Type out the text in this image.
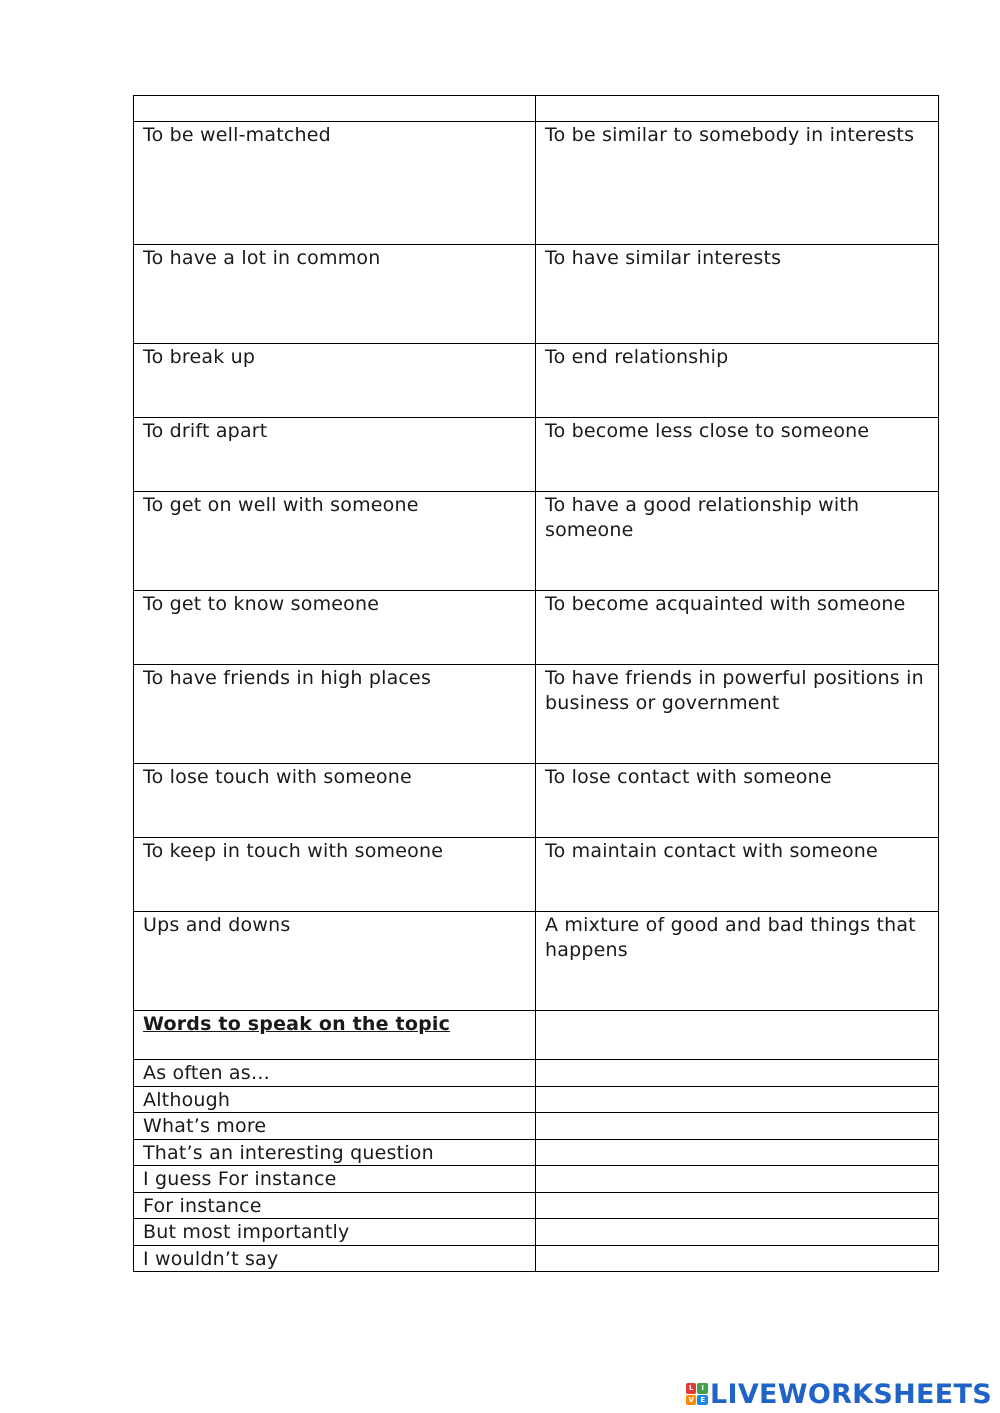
To be well-matched	To be similar to somebody in interests
To have a lot in common	To have similar interests
To break up	To end relationship
To drift apart	To become less close to someone
To get on well with someone	To have a good relationship with someone
To get to know someone	To become acquainted with someone
To have friends in high places	To have friends in powerful positions in business or government
To lose touch with someone	To lose contact with someone
To keep in touch with someone	To maintain contact with someone
Ups and downs	A mixture of good and bad things that happens
Words to speak on the topic	
As often as…	
Although	
What’s more	
That’s an interesting question	
I guess For instance	
For instance	
But most importantly	
I wouldn’t say	
L	I
V E LIVEWORKSHEETS
